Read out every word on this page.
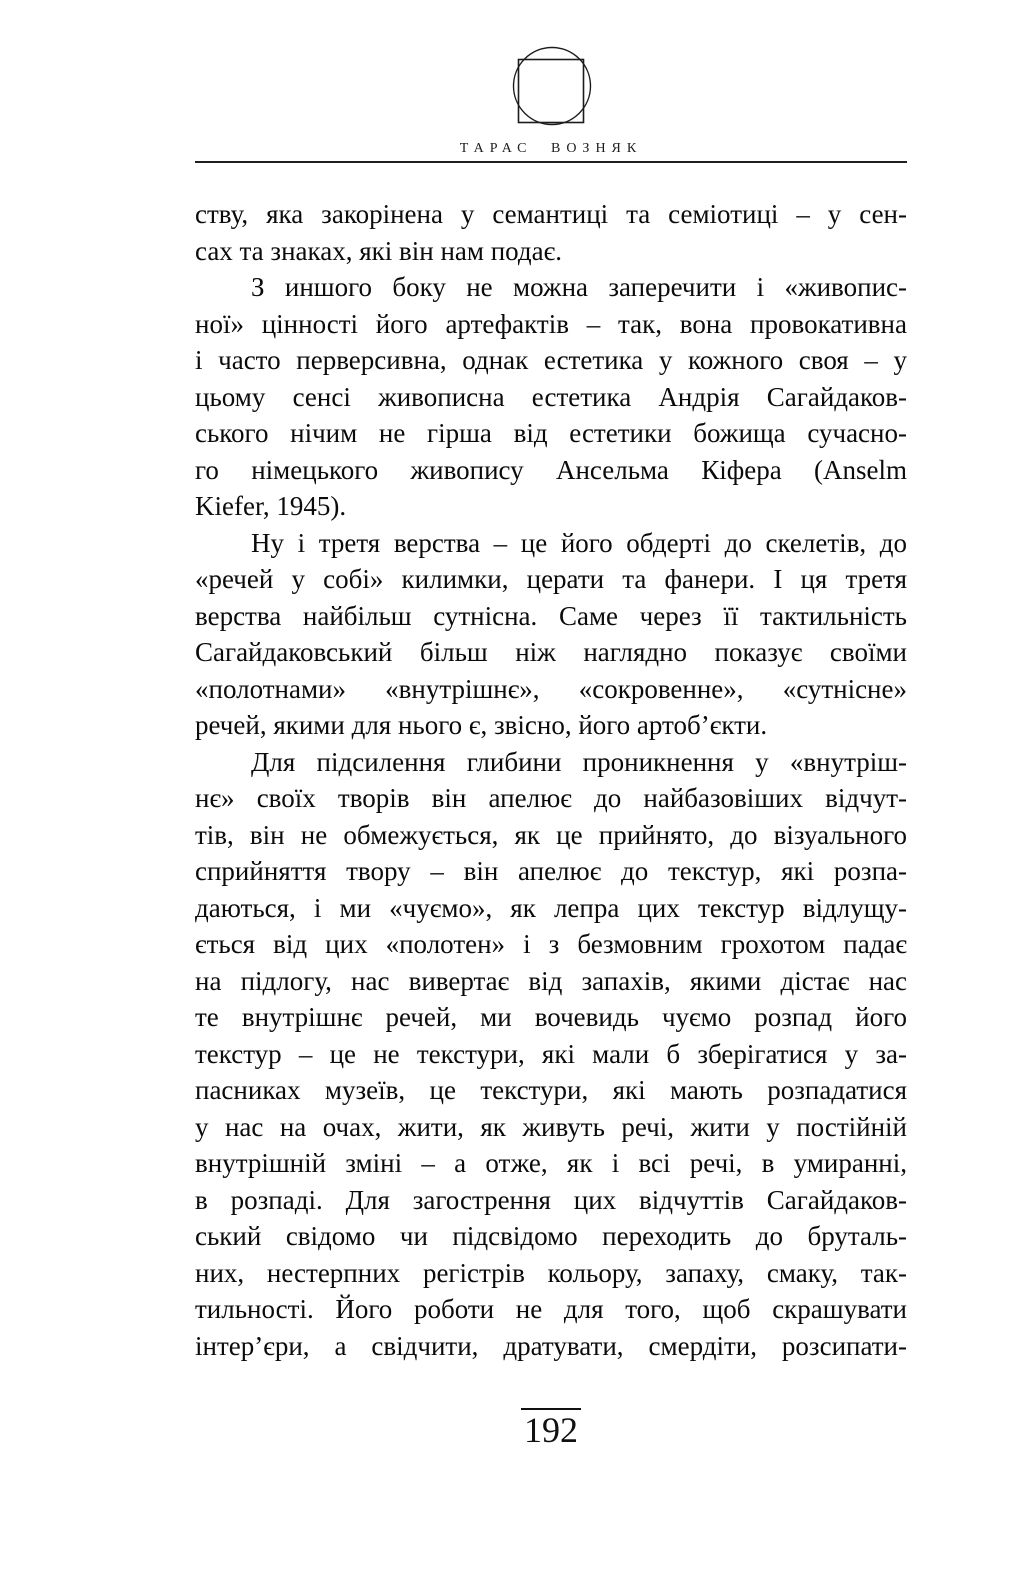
ТАРАС ВОЗНЯК
ству, яка закорінена у семантиці та семіотиці – у сен-
сах та знаках, які він нам подає.
З иншого боку не можна заперечити і «живопис-
ної» цінності його артефактів – так, вона провокативна
і часто перверсивна, однак естетика у кожного своя – у
цьому сенсі живописна естетика Андрія Сагайдаков-
ського нічим не гірша від естетики божища сучасно-
го німецького живопису Ансельма Кіфера (Anselm
Kiefer, 1945).
Ну і третя верства – це його обдерті до скелетів, до
«речей у собі» килимки, церати та фанери. І ця третя
верства найбільш сутнісна. Саме через її тактильність
Сагайдаковський більш ніж наглядно показує своїми
«полотнами» «внутрішнє», «сокровенне», «сутнісне»
речей, якими для нього є, звісно, його артоб’єкти.
Для підсилення глибини проникнення у «внутріш-
нє» своїх творів він апелює до найбазовіших відчут-
тів, він не обмежується, як це прийнято, до візуального
сприйняття твору – він апелює до текстур, які розпа-
даються, і ми «чуємо», як лепра цих текстур відлущу-
ється від цих «полотен» і з безмовним грохотом падає
на підлогу, нас вивертає від запахів, якими дістає нас
те внутрішнє речей, ми вочевидь чуємо розпад його
текстур – це не текстури, які мали б зберігатися у за-
пасниках музеїв, це текстури, які мають розпадатися
у нас на очах, жити, як живуть речі, жити у постійній
внутрішній зміні – а отже, як і всі речі, в умиранні,
в розпаді. Для загострення цих відчуттів Сагайдаков-
ський свідомо чи підсвідомо переходить до бруталь-
них, нестерпних регістрів кольору, запаху, смаку, так-
тильності. Його роботи не для того, щоб скрашувати
інтер’єри, а свідчити, дратувати, смердіти, розсипати-
192
